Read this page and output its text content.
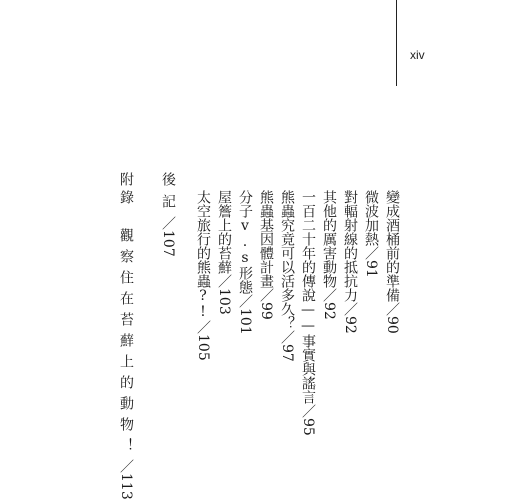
xiv
變成酒桶前的準備／90
微波加熱／91
對輻射線的抵抗力／92
其他的厲害動物／92
一百二十年的傳說——事實與謠言／95
熊蟲究竟可以活多久？／97
熊蟲基因體計畫／99
分子v.s形態／101
屋簷上的苔蘚／103
太空旅行的熊蟲?!／105
後記／107
附錄觀察住在苔蘚上的動物！／113
